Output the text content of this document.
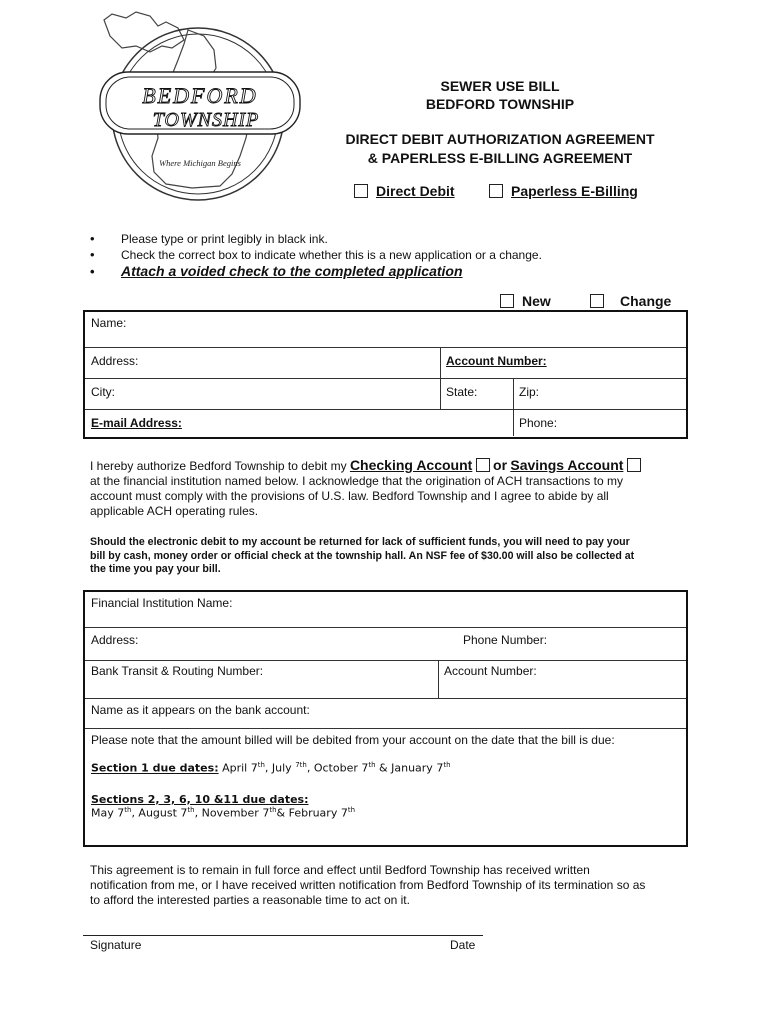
BEDFORD
TOWNSHIP
Where Michigan Begins
SEWER USE BILL
BEDFORD TOWNSHIP
DIRECT DEBIT AUTHORIZATION AGREEMENT
& PAPERLESS E-BILLING AGREEMENT
Direct Debit	Paperless E-Billing
• Please type or print legibly in black ink.
• Check the correct box to indicate whether this is a new application or a change.
• Attach a voided check to the completed application
New	Change
Name:
Address:	Account Number:
City:	State:	Zip:
E-mail Address:	Phone:
I hereby authorize Bedford Township to debit my Checking Account or Savings Account
at the financial institution named below. I acknowledge that the origination of ACH transactions to my
account must comply with the provisions of U.S. law. Bedford Township and I agree to abide by all
applicable ACH operating rules.
Should the electronic debit to my account be returned for lack of sufficient funds, you will need to pay your
bill by cash, money order or official check at the township hall. An NSF fee of $30.00 will also be collected at
the time you pay your bill.
Financial Institution Name:
Address:	Phone Number:
Bank Transit & Routing Number:	Account Number:
Name as it appears on the bank account:
Please note that the amount billed will be debited from your account on the date that the bill is due:
Section 1 due dates: April 7th, July $^{7th}$, October 7th & January 7th
Sections 2, 3, 6, 10 &11 due dates:
May 7th, August 7th, November 7th& February 7th
This agreement is to remain in full force and effect until Bedford Township has received written
notification from me, or I have received written notification from Bedford Township of its termination so as
to afford the interested parties a reasonable time to act on it.
Signature	Date
